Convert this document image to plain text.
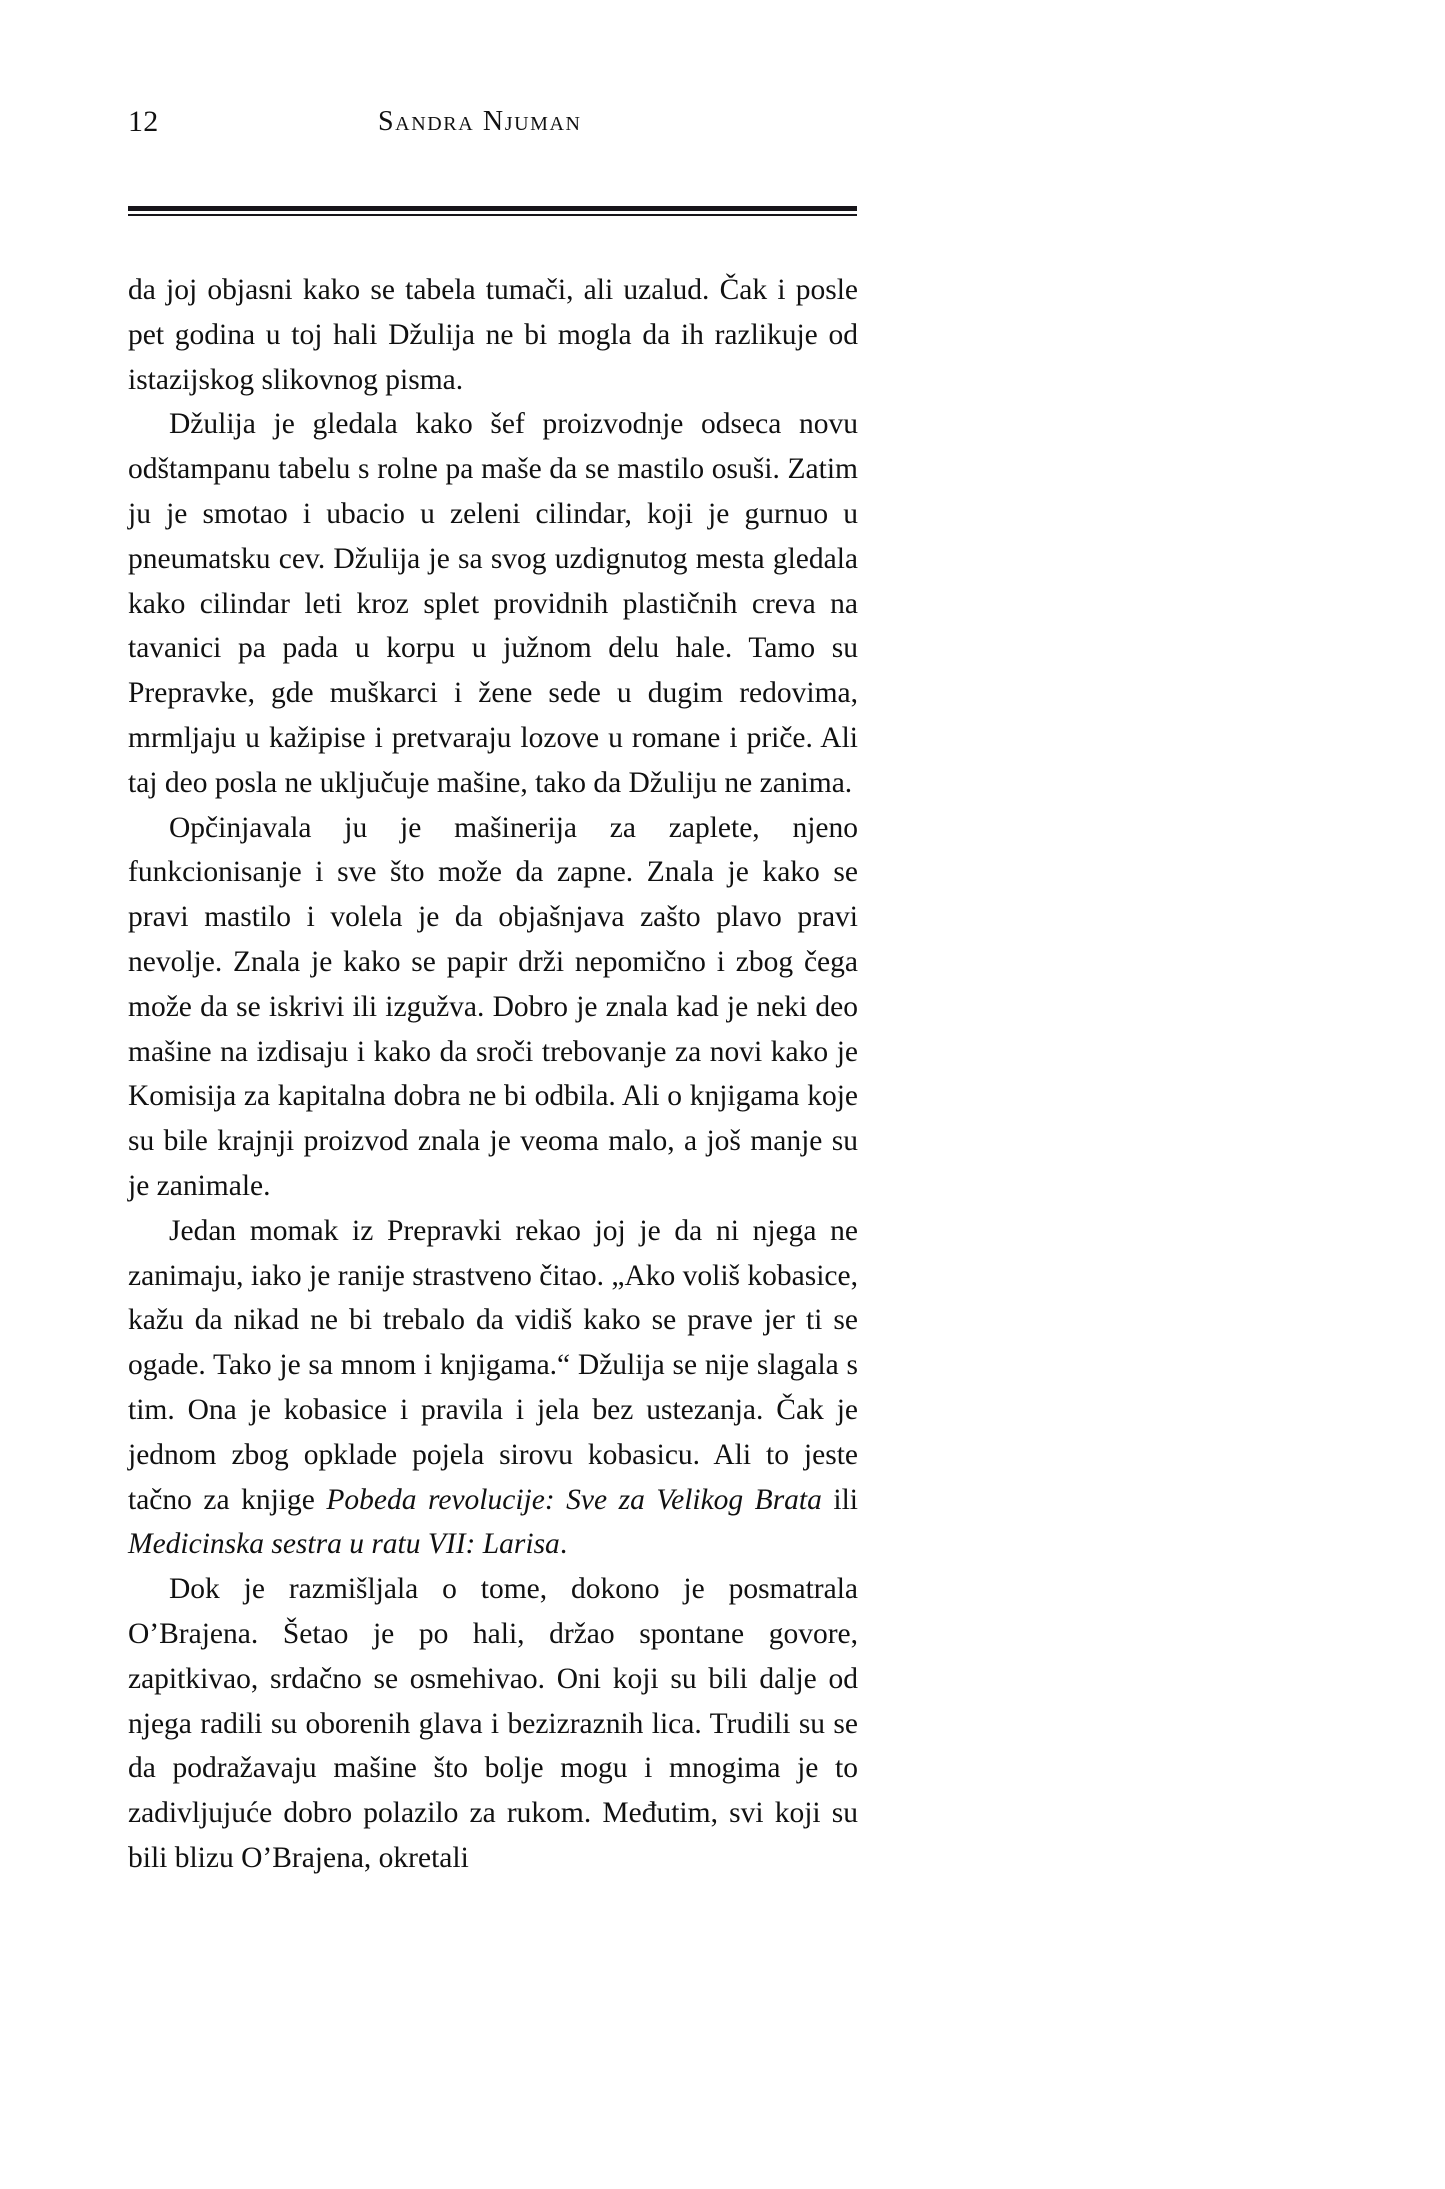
12	Sandra Njuman

da joj objasni kako se tabela tumači, ali uzalud. Čak i posle pet godina u toj hali Džulija ne bi mogla da ih razlikuje od istazijskog slikovnog pisma.

Džulija je gledala kako šef proizvodnje odseca novu odštampanu tabelu s rolne pa maše da se mastilo osuši. Zatim ju je smotao i ubacio u zeleni cilindar, koji je gurnuo u pneumatsku cev. Džulija je sa svog uzdignutog mesta gledala kako cilindar leti kroz splet providnih plastičnih creva na tavanici pa pada u korpu u južnom delu hale. Tamo su Prepravke, gde muškarci i žene sede u dugim redovima, mrmljaju u kažipise i pretvaraju lozove u romane i priče. Ali taj deo posla ne uključuje mašine, tako da Džuliju ne zanima.

Opčinjavala ju je mašinerija za zaplete, njeno funkcionisanje i sve što može da zapne. Znala je kako se pravi mastilo i volela je da objašnjava zašto plavo pravi nevolje. Znala je kako se papir drži nepomično i zbog čega može da se iskrivi ili izgužva. Dobro je znala kad je neki deo mašine na izdisaju i kako da sroči trebovanje za novi kako je Komisija za kapitalna dobra ne bi odbila. Ali o knjigama koje su bile krajnji proizvod znala je veoma malo, a još manje su je zanimale.

Jedan momak iz Prepravki rekao joj je da ni njega ne zanimaju, iako je ranije strastveno čitao. „Ako voliš kobasice, kažu da nikad ne bi trebalo da vidiš kako se prave jer ti se ogade. Tako je sa mnom i knjigama.“ Džulija se nije slagala s tim. Ona je kobasice i pravila i jela bez ustezanja. Čak je jednom zbog opklade pojela sirovu kobasicu. Ali to jeste tačno za knjige Pobeda revolucije: Sve za Velikog Brata ili Medicinska sestra u ratu VII: Larisa.

Dok je razmišljala o tome, dokono je posmatrala O’Brajena. Šetao je po hali, držao spontane govore, zapitkivao, srdačno se osmehivao. Oni koji su bili dalje od njega radili su oborenih glava i bezizraznih lica. Trudili su se da podražavaju mašine što bolje mogu i mnogima je to zadivljujuće dobro polazilo za rukom. Međutim, svi koji su bili blizu O’Brajena, okretali
